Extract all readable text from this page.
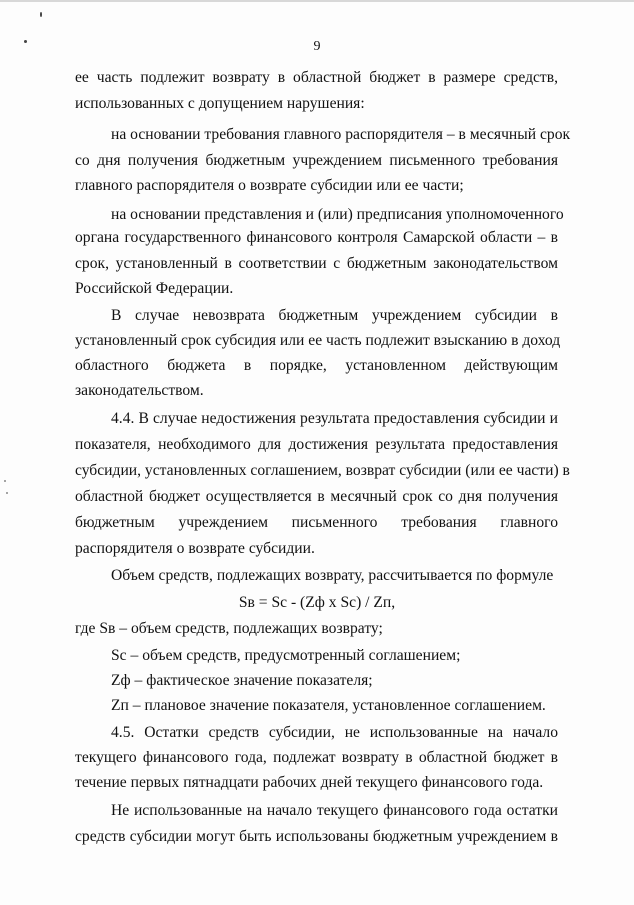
9
ее часть подлежит возврату в областной бюджет в размере средств,
использованных с допущением нарушения:
на основании требования главного распорядителя – в месячный срок
со дня получения бюджетным учреждением письменного требования
главного распорядителя о возврате субсидии или ее части;
на основании представления и (или) предписания уполномоченного
органа государственного финансового контроля Самарской области – в
срок, установленный в соответствии с бюджетным законодательством
Российской Федерации.
В случае невозврата бюджетным учреждением субсидии в
установленный срок субсидия или ее часть подлежит взысканию в доход
областного бюджета в порядке, установленном действующим
законодательством.
4.4. В случае недостижения результата предоставления субсидии и
показателя, необходимого для достижения результата предоставления
субсидии, установленных соглашением, возврат субсидии (или ее части) в
областной бюджет осуществляется в месячный срок со дня получения
бюджетным учреждением письменного требования главного
распорядителя о возврате субсидии.
Объем средств, подлежащих возврату, рассчитывается по формуле
Sв = Sс - (Zф x Sс) / Zп,
где Sв – объем средств, подлежащих возврату;
Sс – объем средств, предусмотренный соглашением;
Zф – фактическое значение показателя;
Zп – плановое значение показателя, установленное соглашением.
4.5. Остатки средств субсидии, не использованные на начало
текущего финансового года, подлежат возврату в областной бюджет в
течение первых пятнадцати рабочих дней текущего финансового года.
Не использованные на начало текущего финансового года остатки
средств субсидии могут быть использованы бюджетным учреждением в
